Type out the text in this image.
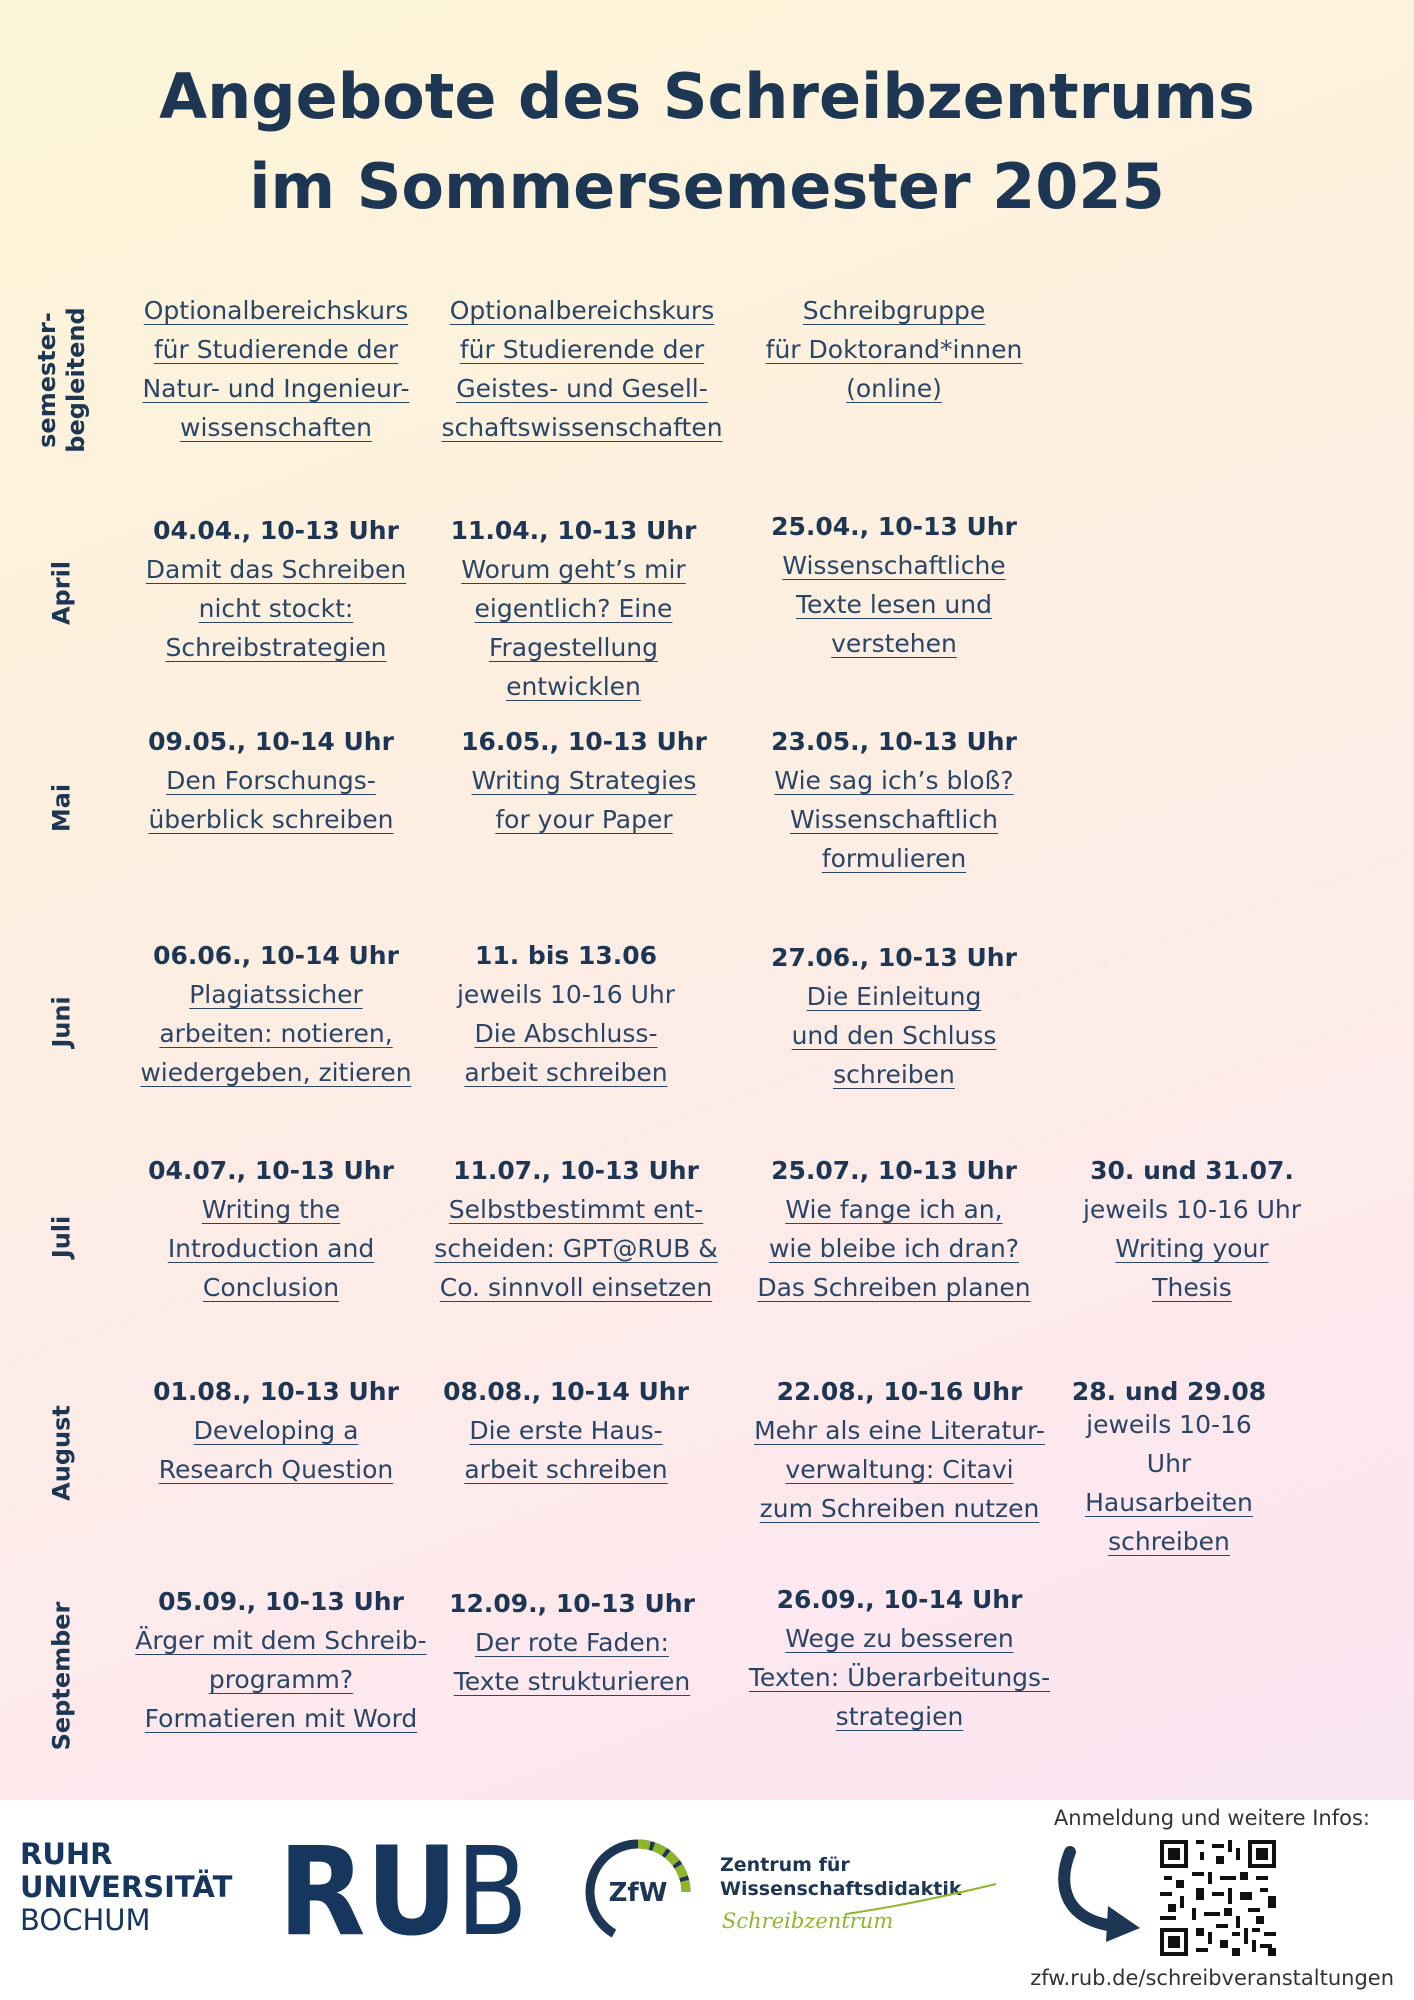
Angebote des Schreibzentrums
im Sommersemester 2025
semester- begleitend
April
Mai
Juni
Juli
August
September
Optionalbereichskurs
für Studierende der
Natur- und Ingenieur-
wissenschaften
Optionalbereichskurs
für Studierende der
Geistes- und Gesell-
schaftswissenschaften
Schreibgruppe
für Doktorand*innen
(online)
04.04., 10-13 Uhr
Damit das Schreiben
nicht stockt:
Schreibstrategien
11.04., 10-13 Uhr
Worum geht’s mir
eigentlich? Eine
Fragestellung entwicklen
25.04., 10-13 Uhr
Wissenschaftliche
Texte lesen und
verstehen
09.05., 10-14 Uhr
Den Forschungs-
überblick schreiben
16.05., 10-13 Uhr
Writing Strategies
for your Paper
23.05., 10-13 Uhr
Wie sag ich’s bloß?
Wissenschaftlich
formulieren
06.06., 10-14 Uhr
Plagiatssicher
arbeiten: notieren,
wiedergeben, zitieren
11. bis 13.06
jeweils 10-16 Uhr
Die Abschluss-
arbeit schreiben
27.06., 10-13 Uhr
Die Einleitung
und den Schluss
schreiben
04.07., 10-13 Uhr
Writing the
Introduction and
Conclusion
11.07., 10-13 Uhr
Selbstbestimmt ent-
scheiden: GPT@RUB &
Co. sinnvoll einsetzen
25.07., 10-13 Uhr
Wie fange ich an,
wie bleibe ich dran?
Das Schreiben planen
30. und 31.07.
jeweils 10-16 Uhr
Writing your
Thesis
01.08., 10-13 Uhr
Developing a
Research Question
08.08., 10-14 Uhr
Die erste Haus-
arbeit schreiben
22.08., 10-16 Uhr
Mehr als eine Literatur-
verwaltung: Citavi
zum Schreiben nutzen
28. und 29.08
jeweils 10-16 Uhr
Hausarbeiten
schreiben
05.09., 10-13 Uhr
Ärger mit dem Schreib-
programm?
Formatieren mit Word
12.09., 10-13 Uhr
Der rote Faden:
Texte strukturieren
26.09., 10-14 Uhr
Wege zu besseren
Texten: Überarbeitungs-
strategien
RUHR
UNIVERSITÄT
BOCHUM	RU
B	ZfW
Zentrum für
Wissenschaftsdidaktik
Schreibzentrum
Anmeldung und weitere Infos:
zfw.rub.de/schreibveranstaltungen
